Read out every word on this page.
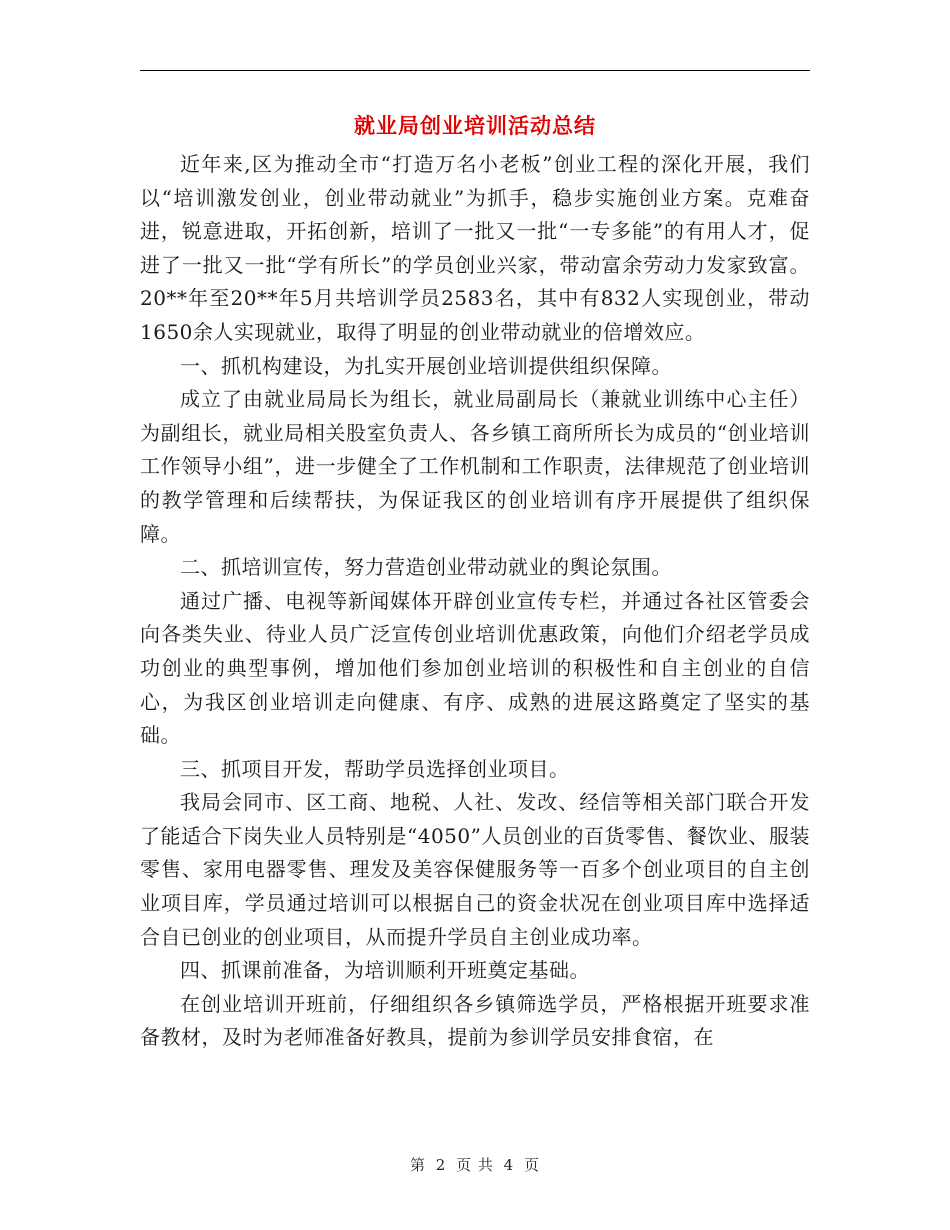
就业局创业培训活动总结

近年来,区为推动全市“打造万名小老板”创业工程的深化开展，我们以“培训激发创业，创业带动就业”为抓手，稳步实施创业方案。克难奋进，锐意进取，开拓创新，培训了一批又一批“一专多能”的有用人才，促进了一批又一批“学有所长”的学员创业兴家，带动富余劳动力发家致富。20**年至20**年5月共培训学员2583名，其中有832人实现创业，带动1650余人实现就业，取得了明显的创业带动就业的倍增效应。

一、抓机构建设，为扎实开展创业培训提供组织保障。

成立了由就业局局长为组长，就业局副局长（兼就业训练中心主任）为副组长，就业局相关股室负责人、各乡镇工商所所长为成员的“创业培训工作领导小组”，进一步健全了工作机制和工作职责，法律规范了创业培训的教学管理和后续帮扶，为保证我区的创业培训有序开展提供了组织保障。

二、抓培训宣传，努力营造创业带动就业的舆论氛围。

通过广播、电视等新闻媒体开辟创业宣传专栏，并通过各社区管委会向各类失业、待业人员广泛宣传创业培训优惠政策，向他们介绍老学员成功创业的典型事例，增加他们参加创业培训的积极性和自主创业的自信心，为我区创业培训走向健康、有序、成熟的进展这路奠定了坚实的基础。

三、抓项目开发，帮助学员选择创业项目。

我局会同市、区工商、地税、人社、发改、经信等相关部门联合开发了能适合下岗失业人员特别是“4050”人员创业的百货零售、餐饮业、服装零售、家用电器零售、理发及美容保健服务等一百多个创业项目的自主创业项目库，学员通过培训可以根据自己的资金状况在创业项目库中选择适合自已创业的创业项目，从而提升学员自主创业成功率。

四、抓课前准备，为培训顺利开班奠定基础。

在创业培训开班前，仔细组织各乡镇筛选学员，严格根据开班要求准备教材，及时为老师准备好教具，提前为参训学员安排食宿，在

第 2 页 共 4 页
